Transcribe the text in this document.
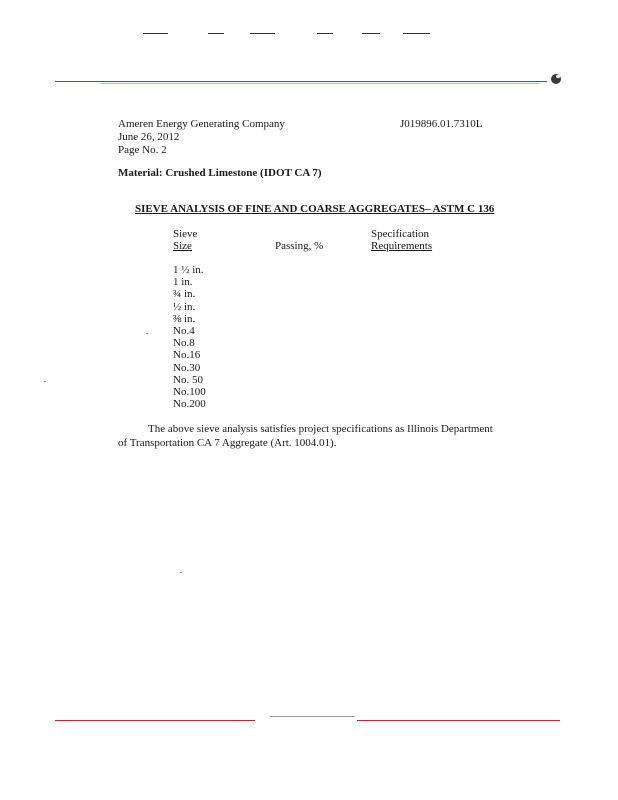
Ameren Energy Generating Company
June 26, 2012
Page No. 2
J019896.01.7310L
Material: Crushed Limestone (IDOT CA 7)
SIEVE ANALYSIS OF FINE AND COARSE AGGREGATES– ASTM C 136
Sieve
Size	Passing, %
Specification
Requirements
1 ½ in.
1 in.
¾ in.
½ in.
⅜ in.
No.4
No.8
No.16
No.30
No. 50
No.100
No.200
The above sieve analysis satisfies project specifications as Illinois Department of Transportation CA 7 Aggregate (Art. 1004.01).
